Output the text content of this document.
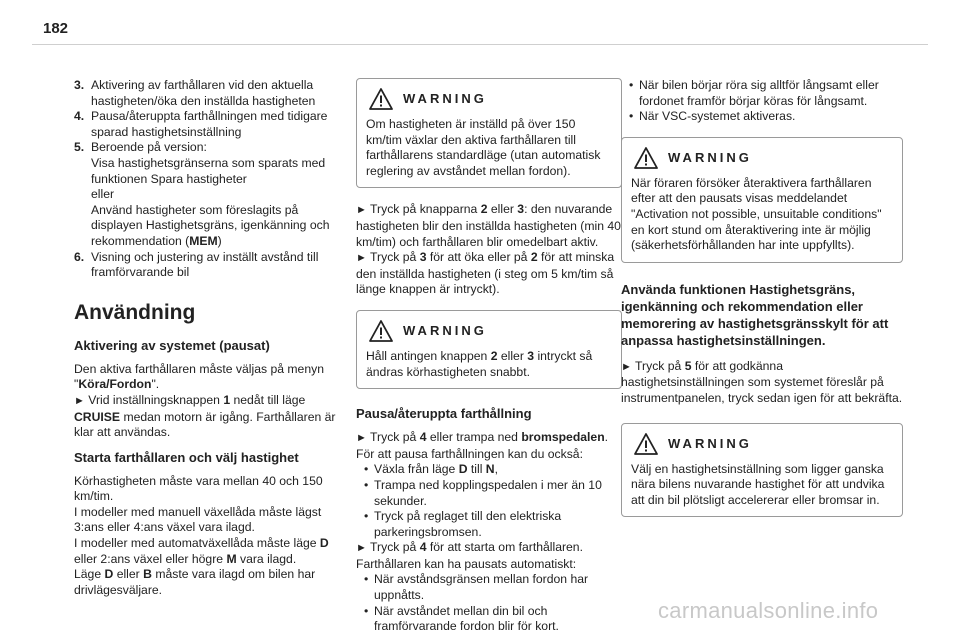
182
3. Aktivering av farthållaren vid den aktuella hastigheten/öka den inställda hastigheten

4. Pausa/återuppta farthållningen med tidigare sparad hastighetsinställning

5. Beroende på version:

Visa hastighetsgränserna som sparats med funktionen Spara hastigheter

eller

Använd hastigheter som föreslagits på displayen Hastighetsgräns, igenkänning och rekommendation (MEM)

6. Visning och justering av inställt avstånd till framförvarande bil

Användning
Aktivering av systemet (pausat)

Den aktiva farthållaren måste väljas på menyn "Köra/Fordon".
► Vrid inställningsknappen 1 nedåt till läge CRUISE medan motorn är igång. Farthållaren är klar att användas.

Starta farthållaren och välj hastighet

Körhastigheten måste vara mellan 40 och 150 km/tim.
I modeller med manuell växellåda måste lägst 3:ans eller 4:ans växel vara ilagd.
I modeller med automatväxellåda måste läge D eller 2:ans växel eller högre M vara ilagd.
Läge D eller B måste vara ilagd om bilen har drivlägesväljare.

WARNING

Om hastigheten är inställd på över 150 km/tim växlar den aktiva farthållaren till farthållarens standardläge (utan automatisk reglering av avståndet mellan fordon).

► Tryck på knapparna 2 eller 3: den nuvarande hastigheten blir den inställda hastigheten (min 40 km/tim) och farthållaren blir omedelbart aktiv.
► Tryck på 3 för att öka eller på 2 för att minska den inställda hastigheten (i steg om 5 km/tim så länge knappen är intryckt).

WARNING

Håll antingen knappen 2 eller 3 intryckt så ändras körhastigheten snabbt.

Pausa/återuppta farthållning

► Tryck på 4 eller trampa ned bromspedalen.
För att pausa farthållningen kan du också:

• Växla från läge D till N,
• Trampa ned kopplingspedalen i mer än 10 sekunder.
• Tryck på reglaget till den elektriska parkeringsbromsen.

► Tryck på 4 för att starta om farthållaren.
Farthållaren kan ha pausats automatiskt:

• När avståndsgränsen mellan fordon har uppnåtts.
• När avståndet mellan din bil och framförvarande fordon blir för kort.
• När bilen börjar röra sig alltför långsamt eller fordonet framför börjar köras för långsamt.
• När VSC-systemet aktiveras.
WARNING

När föraren försöker återaktivera farthållaren efter att den pausats visas meddelandet "Activation not possible, unsuitable conditions" en kort stund om återaktivering inte är möjlig (säkerhetsförhållanden har inte uppfyllts).

Använda funktionen Hastighetsgräns, igenkänning och rekommendation eller memorering av hastighetsgränsskylt för att anpassa hastighetsinställningen.

► Tryck på 5 för att godkänna hastighetsinställningen som systemet föreslår på instrumentpanelen, tryck sedan igen för att bekräfta.

WARNING

Välj en hastighetsinställning som ligger ganska nära bilens nuvarande hastighet för att undvika att din bil plötsligt accelererar eller bromsar in.

carmanualsonline.info
